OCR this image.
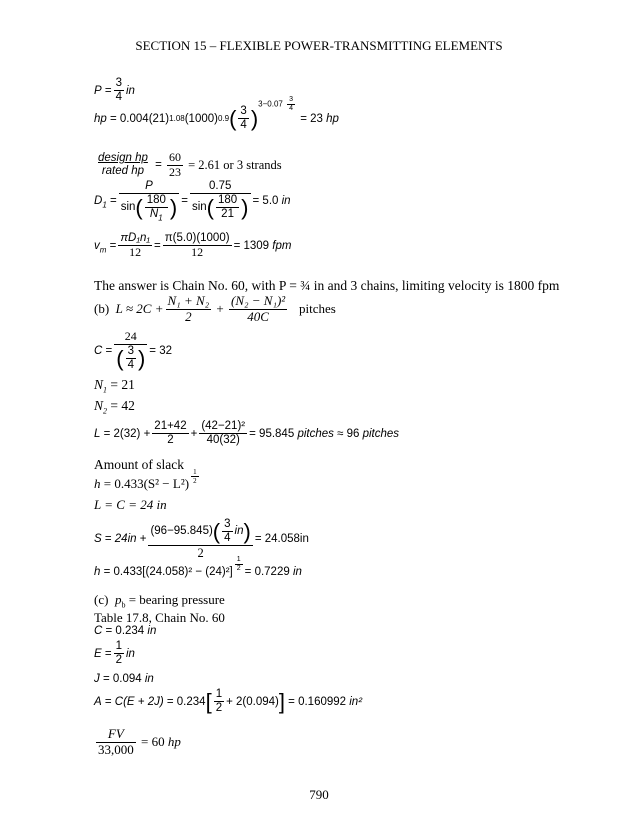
SECTION 15 – FLEXIBLE POWER-TRANSMITTING ELEMENTS
$P = \frac{3}{4}$ in
hp = 0.004 (21) 1.08 (1000) 0.9 ( $\frac{3}{4}$ )
$3-0.07 \frac{3}{4}$
= 23
hp
$\frac{\text{design hp}}{\text{rated hp}} = \frac{60}{23} = 2.61$ or 3 strands
$D_1 = \frac{P}{\sin ( \frac{180}{N_1} )} = \frac{0.75}{\sin ( \frac{180}{21} )} = 5.0$
in
$v_m = \frac{\text{πD₁n₁}}{12} = \frac{\pi(5.0)(1000)}{12} = 1309$
fpm
The answer is Chain No. 60, with P = ¾ in and 3 chains, limiting velocity is 1800 fpm
(b)
$L \approx 2C + \frac{\text{N₁ + N₂}}{2} + \frac{\text{(N₂ − N₁)²}}{40C}$
pitches
$C = \frac{24}{( \frac{3}{4} )} = 32$
$N_1 = 21$
$N_2 = 42$
$L = 2(32) + \frac{21+42}{2} + \frac{\text{(42−21)²}}{40(32)} = 95.845$
pitches ≈ 96
pitches
Amount of slack
$h = 0.433(S^2 - L^2) \frac{1}{2}$
L = C = 24 in
$S = 24in + \frac{(96-95.845) ( \frac{3}{4} in )}{2} = 24.058in$
$h = 0.433[(24.058)^2 - (24)^2] \frac{1}{2} = 0.7229$
in
(c) $p_b$ = bearing pressure
Table 17.8, Chain No. 60
C = 0.234 in
$E = \frac{1}{2}$ in
J = 0.094 in
A = C(E + 2J) = 0.234 [ $\frac{1}{2} + 2(0.094)$ ] = 0.160992
in²
$\frac{FV}{33,000}$
= 60
hp
790
